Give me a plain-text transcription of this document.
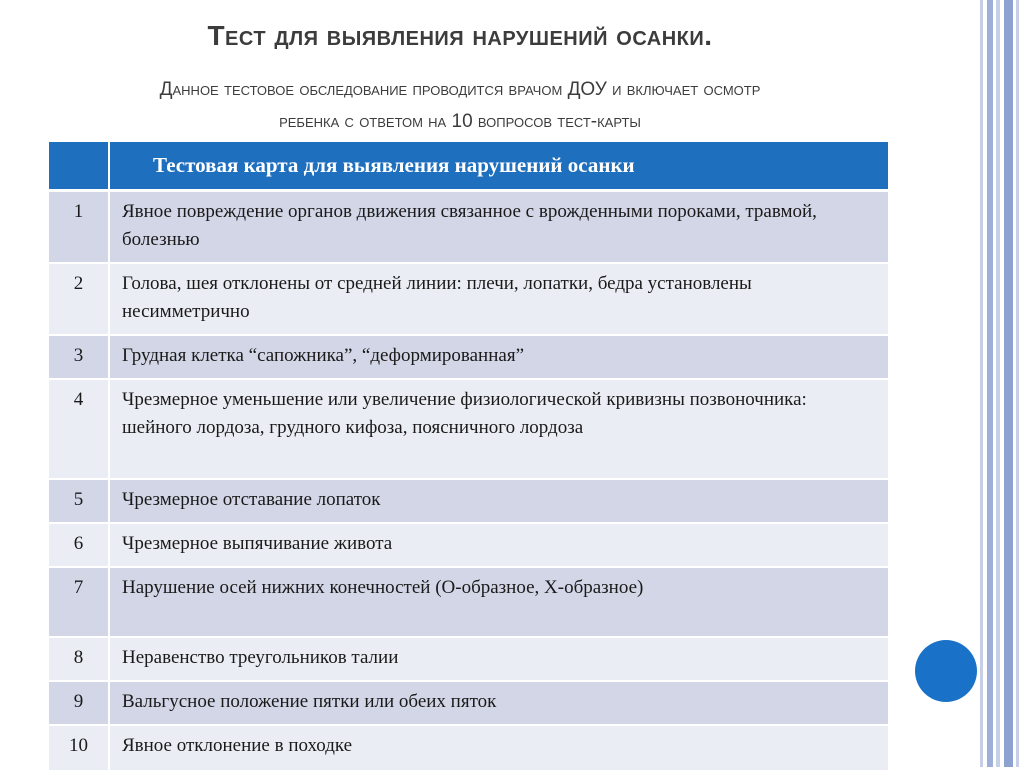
Тест для выявления нарушений осанки.
Данное тестовое обследование проводится врачом ДОУ и включает осмотр
ребенка с ответом на 10 вопросов тест-карты
	Тестовая карта для выявления нарушений осанки
1	Явное повреждение органов движения связанное с врожденными пороками, травмой, болезнью
2	Голова, шея отклонены от средней линии: плечи, лопатки, бедра установлены несимметрично
3	Грудная клетка “сапожника”, “деформированная”
4	Чрезмерное уменьшение или увеличение физиологической кривизны позвоночника: шейного лордоза, грудного кифоза, поясничного лордоза
5	Чрезмерное отставание лопаток
6	Чрезмерное выпячивание живота
7	Нарушение осей нижних конечностей (О-образное, Х-образное)
8	Неравенство треугольников талии
9	Вальгусное положение пятки или обеих пяток
10	Явное отклонение в походке
